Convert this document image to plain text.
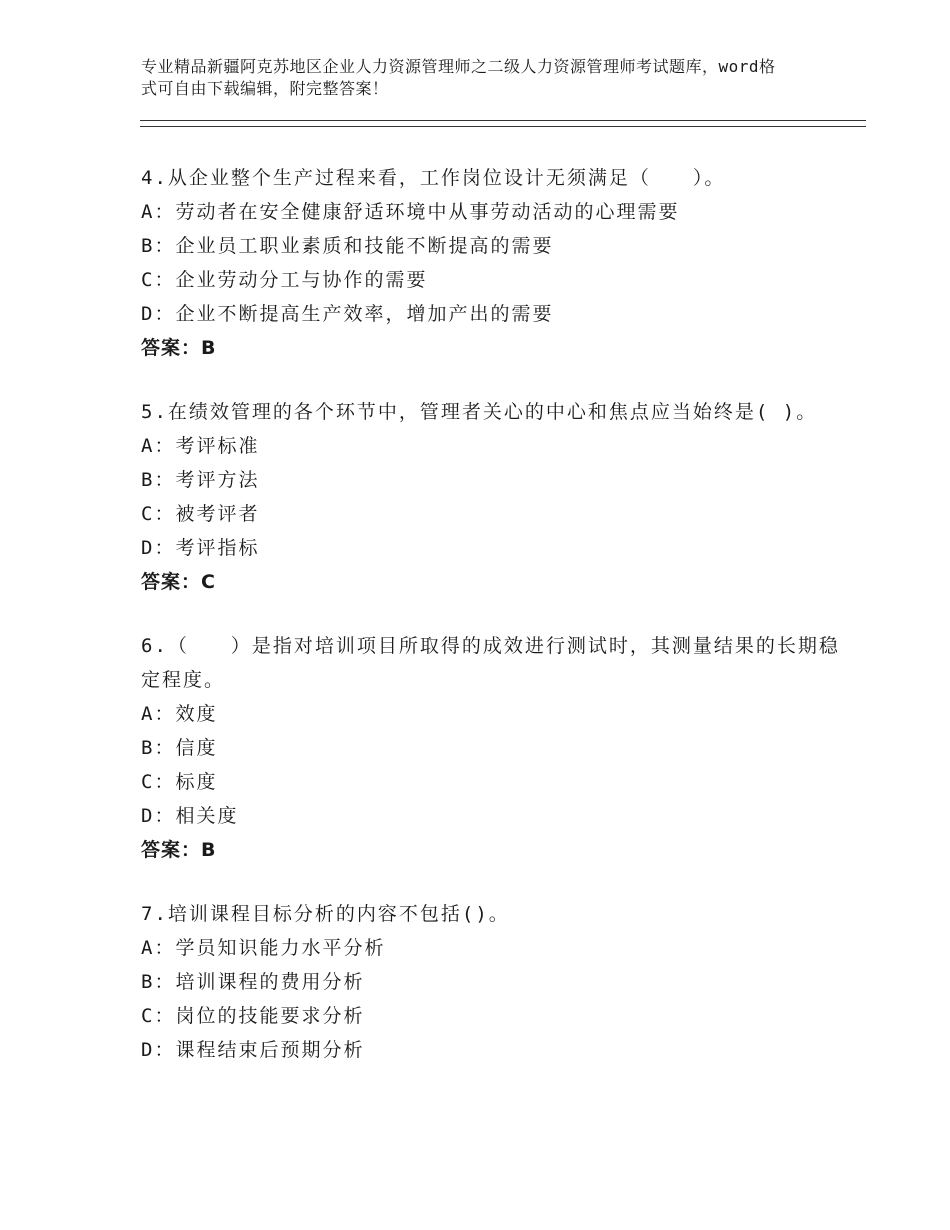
专业精品新疆阿克苏地区企业人力资源管理师之二级人力资源管理师考试题库，word格式可自由下载编辑，附完整答案！
4.从企业整个生产过程来看，工作岗位设计无须满足（　　）。
A：劳动者在安全健康舒适环境中从事劳动活动的心理需要
B：企业员工职业素质和技能不断提高的需要
C：企业劳动分工与协作的需要
D：企业不断提高生产效率，增加产出的需要
答案：B
5.在绩效管理的各个环节中，管理者关心的中心和焦点应当始终是( )。
A：考评标准
B：考评方法
C：被考评者
D：考评指标
答案：C
6.（　　）是指对培训项目所取得的成效进行测试时，其测量结果的长期稳定程度。
A：效度
B：信度
C：标度
D：相关度
答案：B
7.培训课程目标分析的内容不包括()。
A：学员知识能力水平分析
B：培训课程的费用分析
C：岗位的技能要求分析
D：课程结束后预期分析
